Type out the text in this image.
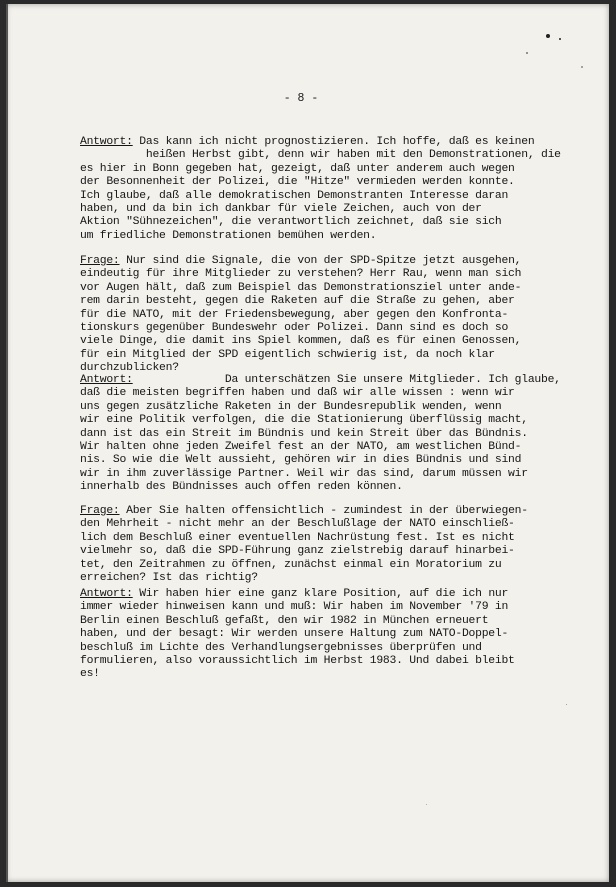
- 8 -
Antwort: Das kann ich nicht prognostizieren. Ich hoffe, daß es keinen
heißen Herbst gibt, denn wir haben mit den Demonstrationen, die
es hier in Bonn gegeben hat, gezeigt, daß unter anderem auch wegen
der Besonnenheit der Polizei, die "Hitze" vermieden werden konnte.
Ich glaube, daß alle demokratischen Demonstranten Interesse daran
haben, und da bin ich dankbar für viele Zeichen, auch von der
Aktion "Sühnezeichen", die verantwortlich zeichnet, daß sie sich
um friedliche Demonstrationen bemühen werden.
Frage: Nur sind die Signale, die von der SPD-Spitze jetzt ausgehen,
eindeutig für ihre Mitglieder zu verstehen? Herr Rau, wenn man sich
vor Augen hält, daß zum Beispiel das Demonstrationsziel unter ande-
rem darin besteht, gegen die Raketen auf die Straße zu gehen, aber
für die NATO, mit der Friedensbewegung, aber gegen den Konfronta-
tionskurs gegenüber Bundeswehr oder Polizei. Dann sind es doch so
viele Dinge, die damit ins Spiel kommen, daß es für einen Genossen,
für ein Mitglied der SPD eigentlich schwierig ist, da noch klar
durchzublicken?
Antwort:	Da unterschätzen Sie unsere Mitglieder. Ich glaube,
daß die meisten begriffen haben und daß wir alle wissen : wenn wir
uns gegen zusätzliche Raketen in der Bundesrepublik wenden, wenn
wir eine Politik verfolgen, die die Stationierung überflüssig macht,
dann ist das ein Streit im Bündnis und kein Streit über das Bündnis.
Wir halten ohne jeden Zweifel fest an der NATO, am westlichen Bünd-
nis. So wie die Welt aussieht, gehören wir in dies Bündnis und sind
wir in ihm zuverlässige Partner. Weil wir das sind, darum müssen wir
innerhalb des Bündnisses auch offen reden können.
Frage: Aber Sie halten offensichtlich - zumindest in der überwiegen-
den Mehrheit - nicht mehr an der Beschlußlage der NATO einschließ-
lich dem Beschluß einer eventuellen Nachrüstung fest. Ist es nicht
vielmehr so, daß die SPD-Führung ganz zielstrebig darauf hinarbei-
tet, den Zeitrahmen zu öffnen, zunächst einmal ein Moratorium zu
erreichen? Ist das richtig?
Antwort: Wir haben hier eine ganz klare Position, auf die ich nur
immer wieder hinweisen kann und muß: Wir haben im November '79 in
Berlin einen Beschluß gefaßt, den wir 1982 in München erneuert
haben, und der besagt: Wir werden unsere Haltung zum NATO-Doppel-
beschluß im Lichte des Verhandlungsergebnisses überprüfen und
formulieren, also voraussichtlich im Herbst 1983. Und dabei bleibt
es!
